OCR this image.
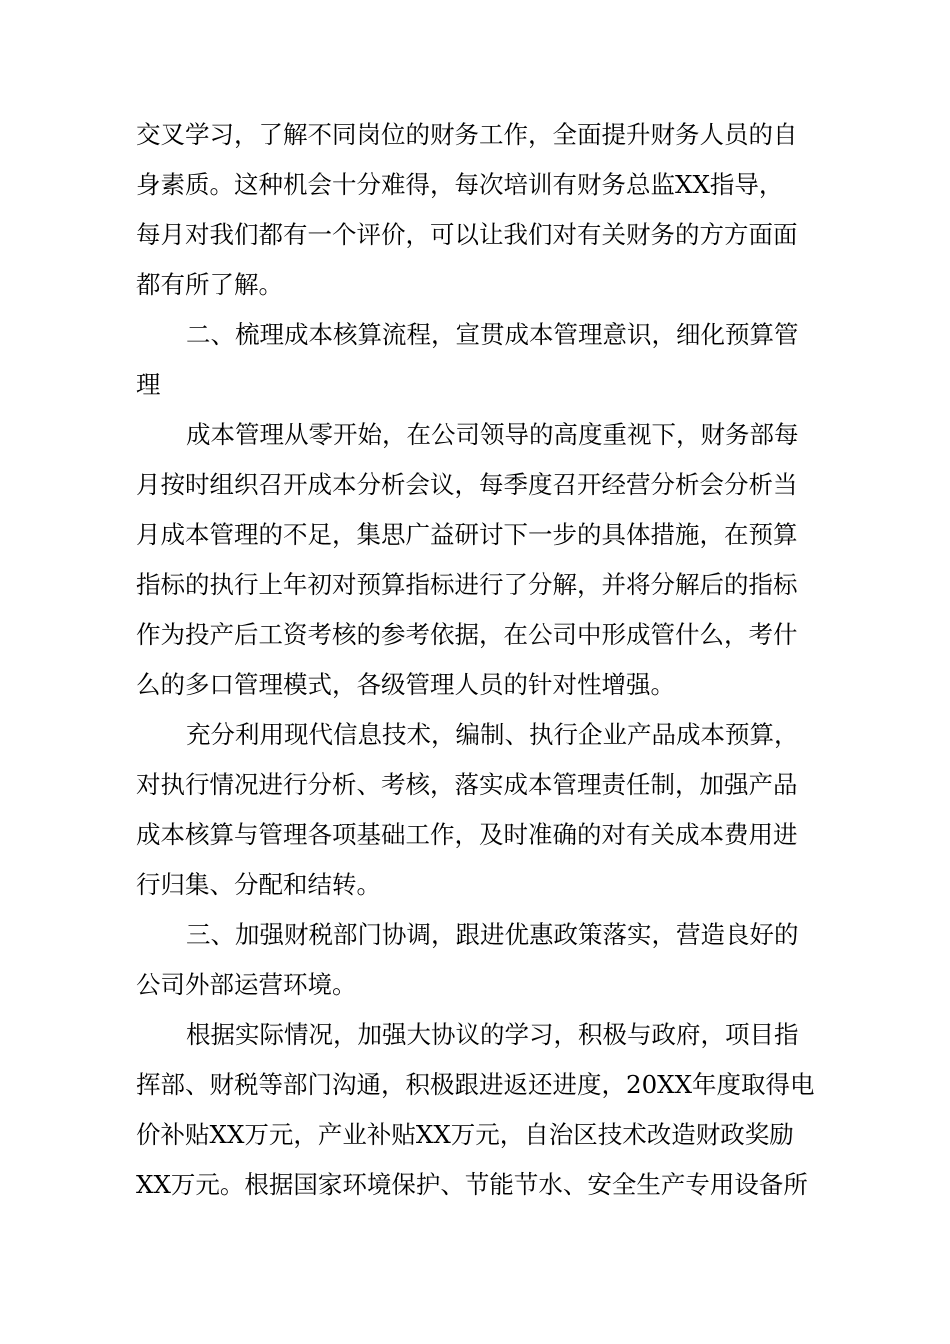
交叉学习，了解不同岗位的财务工作，全面提升财务人员的自
身素质。这种机会十分难得，每次培训有财务总监XX指导，
每月对我们都有一个评价，可以让我们对有关财务的方方面面
都有所了解。
二、梳理成本核算流程，宣贯成本管理意识，细化预算管
理
成本管理从零开始，在公司领导的高度重视下，财务部每
月按时组织召开成本分析会议，每季度召开经营分析会分析当
月成本管理的不足，集思广益研讨下一步的具体措施，在预算
指标的执行上年初对预算指标进行了分解，并将分解后的指标
作为投产后工资考核的参考依据，在公司中形成管什么，考什
么的多口管理模式，各级管理人员的针对性增强。
充分利用现代信息技术，编制、执行企业产品成本预算，
对执行情况进行分析、考核，落实成本管理责任制，加强产品
成本核算与管理各项基础工作，及时准确的对有关成本费用进
行归集、分配和结转。
三、加强财税部门协调，跟进优惠政策落实，营造良好的
公司外部运营环境。
根据实际情况，加强大协议的学习，积极与政府，项目指
挥部、财税等部门沟通，积极跟进返还进度，20XX年度取得电
价补贴XX万元，产业补贴XX万元，自治区技术改造财政奖励
XX万元。根据国家环境保护、节能节水、安全生产专用设备所
